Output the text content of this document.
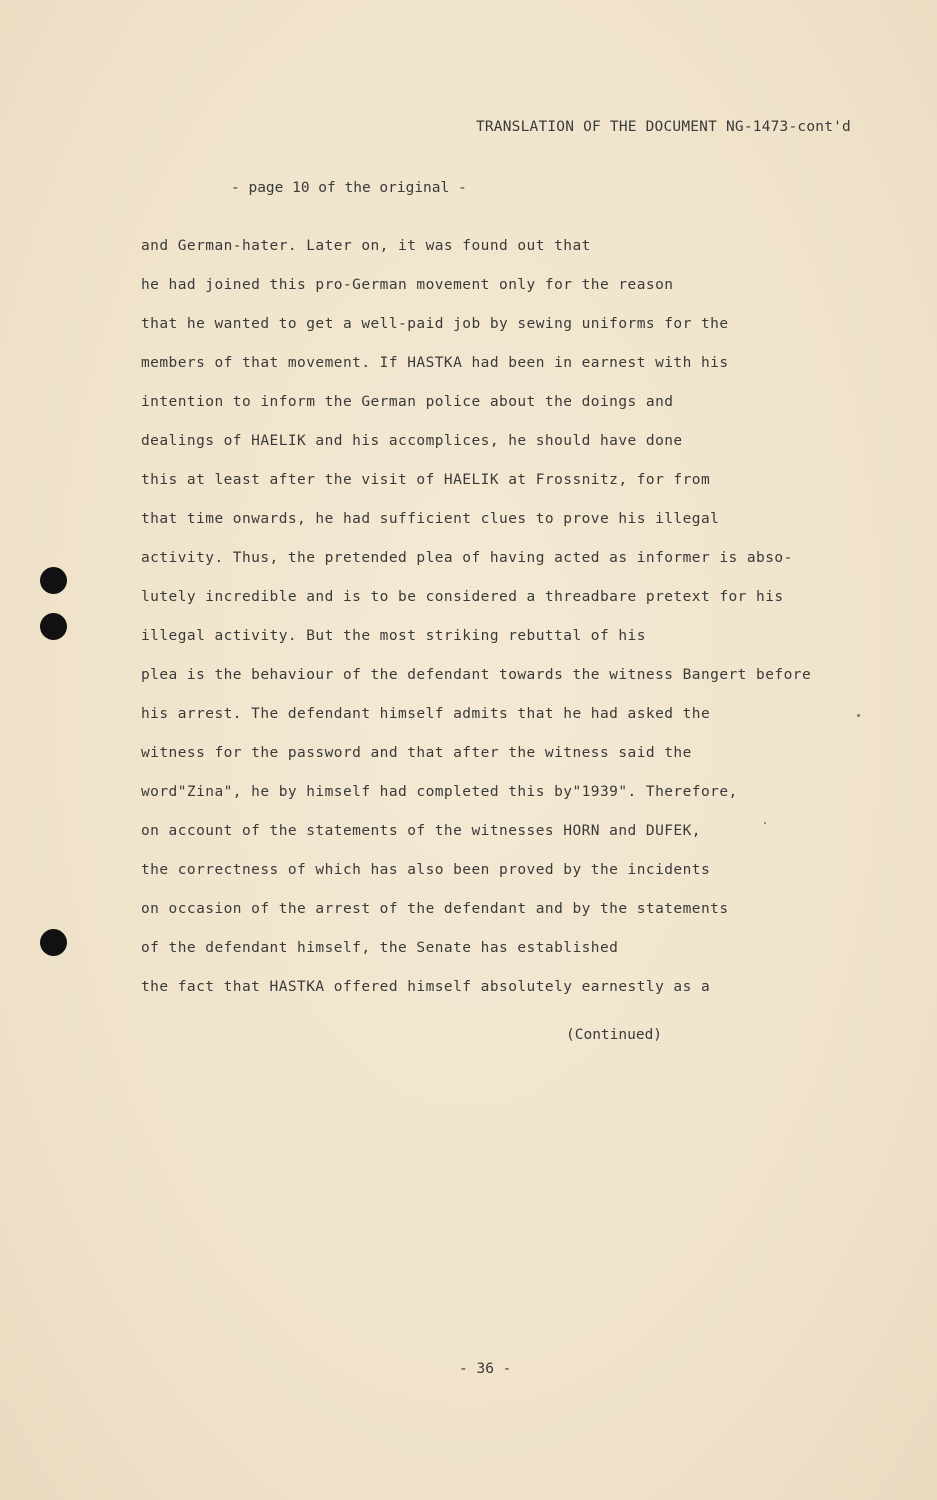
TRANSLATION OF THE DOCUMENT NG-1473-cont'd
- page 10 of the original -
and German-hater. Later on, it was found out that
he had joined this pro-German movement only for the reason
that he wanted to get a well-paid job by sewing uniforms for the
members of that movement. If HASTKA had been in earnest with his
intention to inform the German police about the doings and
dealings of HAELIK and his accomplices, he should have done
this at least after the visit of HAELIK at Frossnitz, for from
that time onwards, he had sufficient clues to prove his illegal
activity. Thus, the pretended plea of having acted as informer is abso-
lutely incredible and is to be considered a threadbare pretext for his
illegal activity. But the most striking rebuttal of his
plea is the behaviour of the defendant towards the witness Bangert before
his arrest. The defendant himself admits that he had asked the
witness for the password and that after the witness said the
word"Zina", he by himself had completed this by"1939". Therefore,
on account of the statements of the witnesses HORN and DUFEK,
the correctness of which has also been proved by the incidents
on occasion of the arrest of the defendant and by the statements
of the defendant himself, the Senate has established
the fact that HASTKA offered himself absolutely earnestly as a
(Continued)
- 36 -
